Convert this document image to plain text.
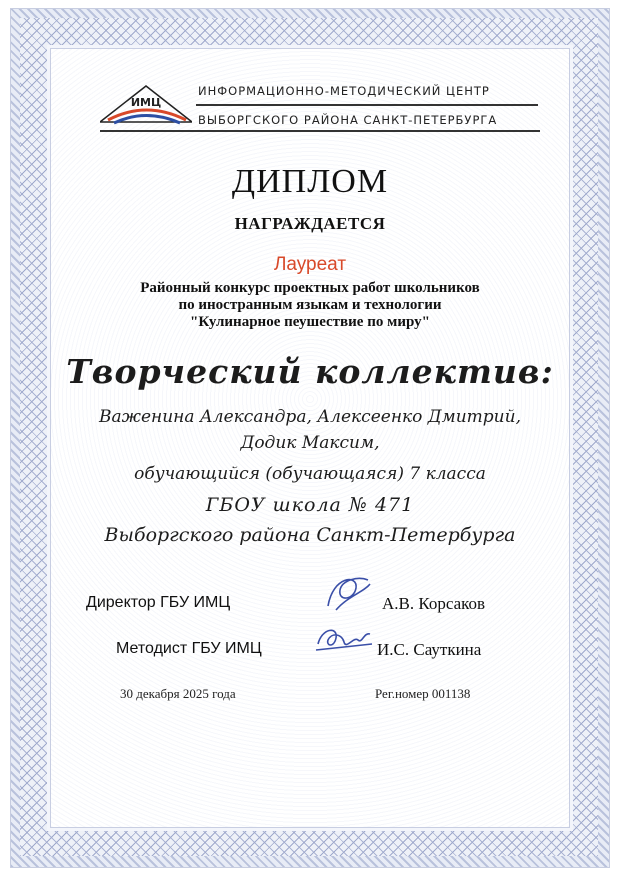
ИМЦ
ИНФОРМАЦИОННО-МЕТОДИЧЕСКИЙ ЦЕНТР
ВЫБОРГСКОГО РАЙОНА САНКТ-ПЕТЕРБУРГА
ДИПЛОМ
НАГРАЖДАЕТСЯ
Лауреат
Районный конкурс проектных работ школьников
по иностранным языкам и технологии
"Кулинарное пеушествие по миру"
Творческий коллектив:
Важенина Александра, Алексеенко Дмитрий,
Додик Максим,
обучающийся (обучающаяся) 7 класса
ГБОУ школа № 471
Выборгского района Санкт-Петербурга
Директор ГБУ ИМЦ	А.В. Корсаков
Методист ГБУ ИМЦ	И.С. Сауткина
30 декабря 2025 года	Рег.номер 001138
